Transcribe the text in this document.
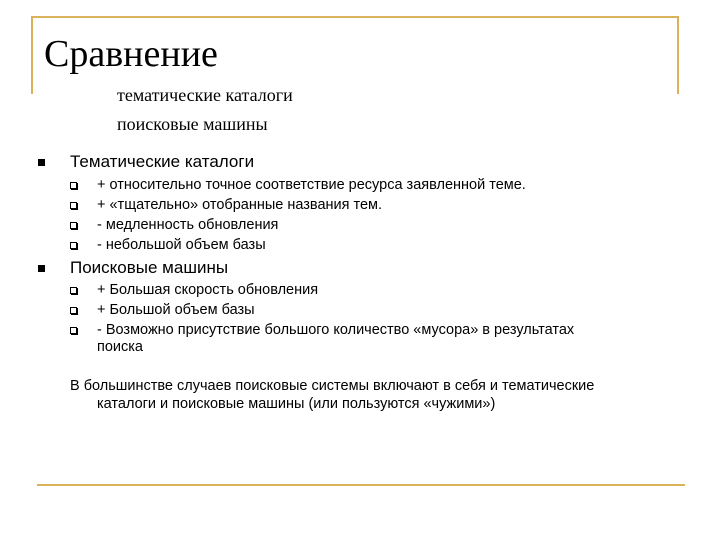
Сравнение
тематические каталоги
поисковые машины
Тематические каталоги
+ относительно точное соответствие ресурса заявленной теме.
+ «тщательно» отобранные названия тем.
- медленность обновления
- небольшой объем базы
Поисковые машины
+ Большая скорость обновления
+ Большой объем базы
- Возможно присутствие большого количество «мусора» в результатах
поиска
В большинстве случаев поисковые системы включают в себя и тематические
каталоги и поисковые машины (или пользуются «чужими»)
